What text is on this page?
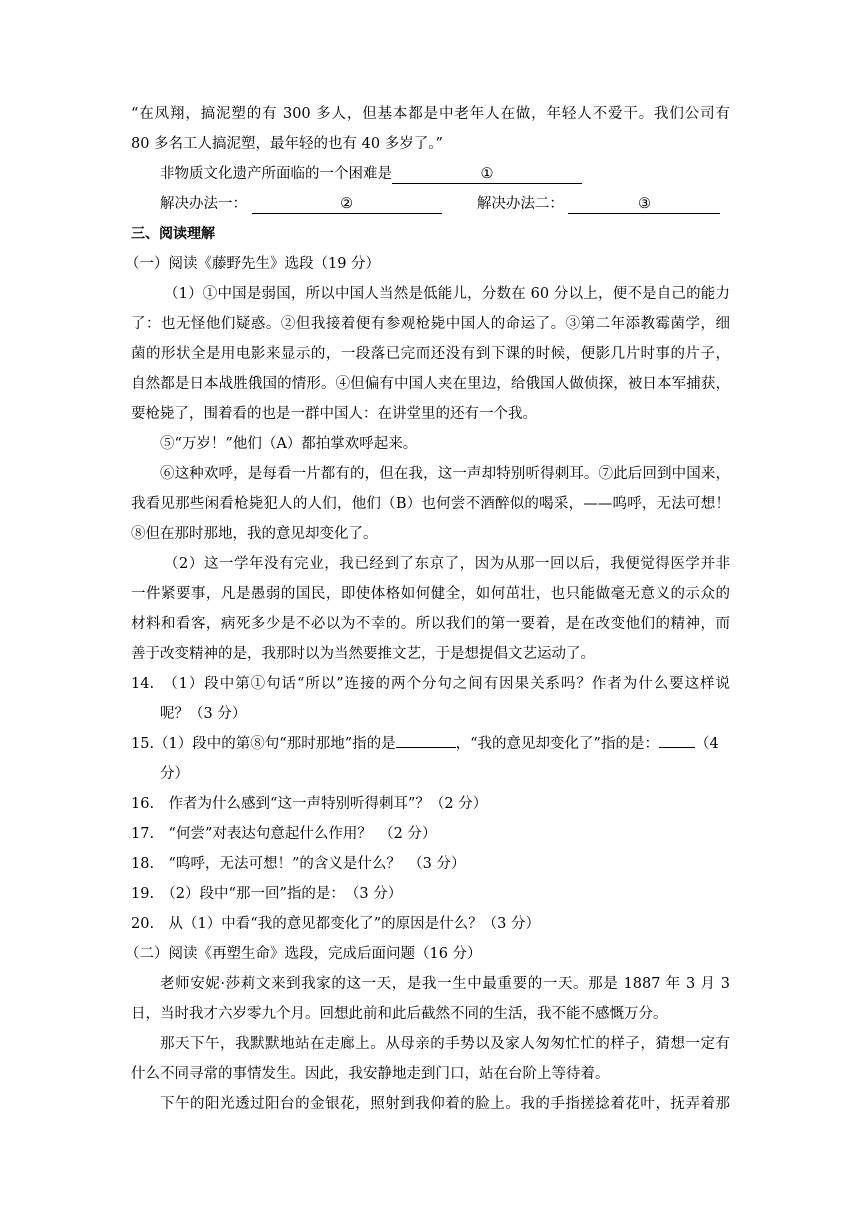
“在凤翔，搞泥塑的有 300 多人，但基本都是中老年人在做，年轻人不爱干。我们公司有
80 多名工人搞泥塑，最年轻的也有 40 多岁了。”
非物质文化遗产所面临的一个困难是	①
解决办法一：	②	解决办法二：	③
三、阅读理解
（一）阅读《藤野先生》选段（19 分）
（1）①中国是弱国，所以中国人当然是低能儿，分数在 60 分以上，便不是自己的能力
了：也无怪他们疑惑。②但我接着便有参观枪毙中国人的命运了。③第二年添教霉菌学，细
菌的形状全是用电影来显示的，一段落已完而还没有到下课的时候，便影几片时事的片子，
自然都是日本战胜俄国的情形。④但偏有中国人夹在里边，给俄国人做侦探，被日本军捕获，
要枪毙了，围着看的也是一群中国人：在讲堂里的还有一个我。
⑤“万岁！”他们（A）都拍掌欢呼起来。
⑥这种欢呼，是每看一片都有的，但在我，这一声却特别听得刺耳。⑦此后回到中国来，
我看见那些闲看枪毙犯人的人们，他们（B）也何尝不酒醉似的喝采，——呜呼，无法可想！
⑧但在那时那地，我的意见却变化了。
（2）这一学年没有完业，我已经到了东京了，因为从那一回以后，我便觉得医学并非
一件紧要事，凡是愚弱的国民，即使体格如何健全，如何茁壮，也只能做毫无意义的示众的
材料和看客，病死多少是不必以为不幸的。所以我们的第一要着，是在改变他们的精神，而
善于改变精神的是，我那时以为当然要推文艺，于是想提倡文艺运动了。
14.　（1）段中第①句话“所以”连接的两个分句之间有因果关系吗？作者为什么要这样说
呢？（3 分）
15.（1）段中的第⑧句“那时那地”指的是	，“我的意见却变化了”指的是： （4
分）
16.　作者为什么感到“这一声特别听得刺耳”？（2 分）
17.　“何尝”对表达句意起什么作用？　（2 分）
18.　“呜呼，无法可想！”的含义是什么？　（3 分）
19.　（2）段中“那一回”指的是：　（3 分）
20.　从（1）中看“我的意见都变化了”的原因是什么？（3 分）
（二）阅读《再塑生命》选段，完成后面问题（16 分）
老师安妮·莎莉文来到我家的这一天，是我一生中最重要的一天。那是 1887 年 3 月 3
日，当时我才六岁零九个月。回想此前和此后截然不同的生活，我不能不感慨万分。
那天下午，我默默地站在走廊上。从母亲的手势以及家人匆匆忙忙的样子，猜想一定有
什么不同寻常的事情发生。因此，我安静地走到门口，站在台阶上等待着。
下午的阳光透过阳台的金银花，照射到我仰着的脸上。我的手指搓捻着花叶，抚弄着那
